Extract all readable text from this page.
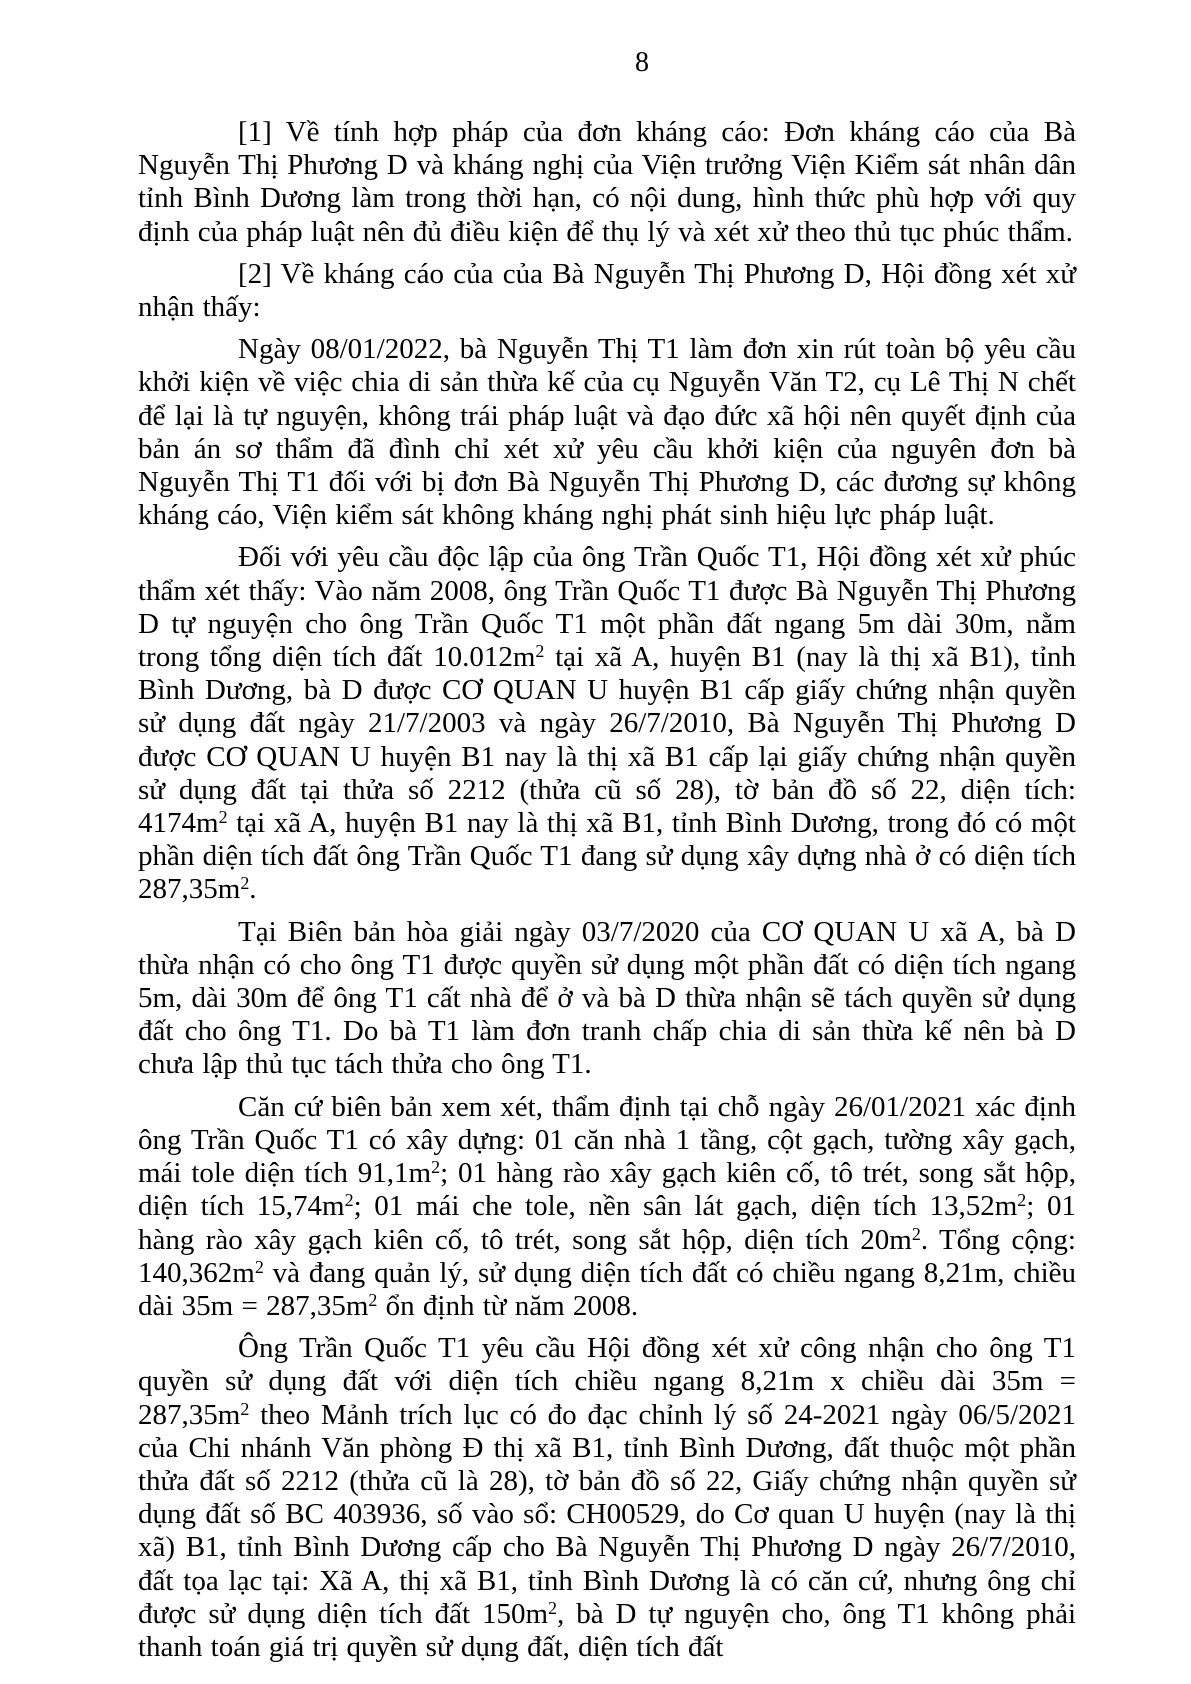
8

[1] Về tính hợp pháp của đơn kháng cáo: Đơn kháng cáo của Bà Nguyễn Thị Phương D và kháng nghị của Viện trưởng Viện Kiểm sát nhân dân tỉnh Bình Dương làm trong thời hạn, có nội dung, hình thức phù hợp với quy định của pháp luật nên đủ điều kiện để thụ lý và xét xử theo thủ tục phúc thẩm.

[2] Về kháng cáo của của Bà Nguyễn Thị Phương D, Hội đồng xét xử nhận thấy:

Ngày 08/01/2022, bà Nguyễn Thị T1 làm đơn xin rút toàn bộ yêu cầu khởi kiện về việc chia di sản thừa kế của cụ Nguyễn Văn T2, cụ Lê Thị N chết để lại là tự nguyện, không trái pháp luật và đạo đức xã hội nên quyết định của bản án sơ thẩm đã đình chỉ xét xử yêu cầu khởi kiện của nguyên đơn bà Nguyễn Thị T1 đối với bị đơn Bà Nguyễn Thị Phương D, các đương sự không kháng cáo, Viện kiểm sát không kháng nghị phát sinh hiệu lực pháp luật.

Đối với yêu cầu độc lập của ông Trần Quốc T1, Hội đồng xét xử phúc thẩm xét thấy: Vào năm 2008, ông Trần Quốc T1 được Bà Nguyễn Thị Phương D tự nguyện cho ông Trần Quốc T1 một phần đất ngang 5m dài 30m, nằm trong tổng diện tích đất $10.012m^2$ tại xã A, huyện B1 (nay là thị xã B1), tỉnh Bình Dương, bà D được CƠ QUAN U huyện B1 cấp giấy chứng nhận quyền sử dụng đất ngày 21/7/2003 và ngày 26/7/2010, Bà Nguyễn Thị Phương D được CƠ QUAN U huyện B1 nay là thị xã B1 cấp lại giấy chứng nhận quyền sử dụng đất tại thửa số 2212 (thửa cũ số 28), tờ bản đồ số 22, diện tích: $4174m^2$ tại xã A, huyện B1 nay là thị xã B1, tỉnh Bình Dương, trong đó có một phần diện tích đất ông Trần Quốc T1 đang sử dụng xây dựng nhà ở có diện tích $287,35m^2$.

Tại Biên bản hòa giải ngày 03/7/2020 của CƠ QUAN U xã A, bà D thừa nhận có cho ông T1 được quyền sử dụng một phần đất có diện tích ngang 5m, dài 30m để ông T1 cất nhà để ở và bà D thừa nhận sẽ tách quyền sử dụng đất cho ông T1. Do bà T1 làm đơn tranh chấp chia di sản thừa kế nên bà D chưa lập thủ tục tách thửa cho ông T1.

Căn cứ biên bản xem xét, thẩm định tại chỗ ngày 26/01/2021 xác định ông Trần Quốc T1 có xây dựng: 01 căn nhà 1 tầng, cột gạch, tường xây gạch, mái tole diện tích $91,1m^2$; 01 hàng rào xây gạch kiên cố, tô trét, song sắt hộp, diện tích $15,74m^2$; 01 mái che tole, nền sân lát gạch, diện tích $13,52m^2$; 01 hàng rào xây gạch kiên cố, tô trét, song sắt hộp, diện tích $20m^2$. Tổng cộng: $140,362m^2$ và đang quản lý, sử dụng diện tích đất có chiều ngang 8,21m, chiều dài $35m = 287,35m^2$ ổn định từ năm 2008.

Ông Trần Quốc T1 yêu cầu Hội đồng xét xử công nhận cho ông T1 quyền sử dụng đất với diện tích chiều ngang 8,21m x chiều dài $35m = 287,35m^2$ theo Mảnh trích lục có đo đạc chỉnh lý số 24-2021 ngày 06/5/2021 của Chi nhánh Văn phòng Đ thị xã B1, tỉnh Bình Dương, đất thuộc một phần thửa đất số 2212 (thửa cũ là 28), tờ bản đồ số 22, Giấy chứng nhận quyền sử dụng đất số BC 403936, số vào sổ: CH00529, do Cơ quan U huyện (nay là thị xã) B1, tỉnh Bình Dương cấp cho Bà Nguyễn Thị Phương D ngày 26/7/2010, đất tọa lạc tại: Xã A, thị xã B1, tỉnh Bình Dương là có căn cứ, nhưng ông chỉ được sử dụng diện tích đất $150m^2$, bà D tự nguyện cho, ông T1 không phải thanh toán giá trị quyền sử dụng đất, diện tích đất
